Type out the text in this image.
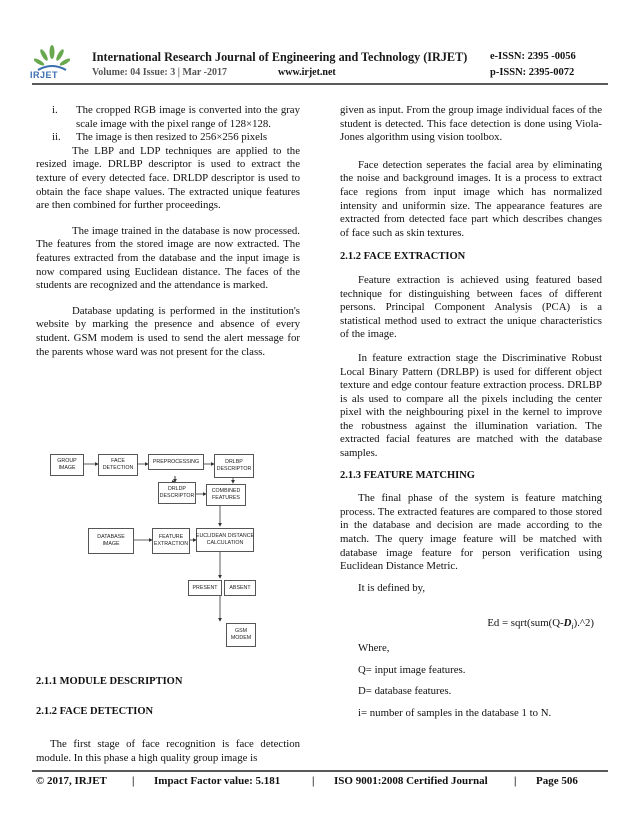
IRJET
International Research Journal of Engineering and Technology (IRJET) e-ISSN: 2395 -0056
Volume: 04 Issue: 3 | Mar -2017	www.irjet.net	p-ISSN: 2395-0072

i. The cropped RGB image is converted into the gray scale image with the pixel range of 128×128.

ii. The image is then resized to 256×256 pixels

The LBP and LDP techniques are applied to the resized image. DRLBP descriptor is used to extract the texture of every detected face. DRLDP descriptor is used to obtain the face shape values. The extracted unique features are then combined for further proceedings.

The image trained in the database is now processed. The features from the stored image are now extracted. The features extracted from the database and the input image is now compared using Euclidean distance. The faces of the students are recognized and the attendance is marked.

Database updating is performed in the institution's website by marking the presence and absence of every student. GSM modem is used to send the alert message for the parents whose ward was not present for the class.

GROUP
IMAGE
FACE
DETECTION
PREPROCESSING	DRLBP
DESCRIPTOR
DRLDP
DESCRIPTOR
COMBINED
FEATURES
DATABASE
IMAGE
FEATURE
EXTRACTION
EUCLIDEAN DISTANCE
CALCULATION
PRESENT	ABSENT
GSM
MODEM
2.1.1 MODULE DESCRIPTION
2.1.2 FACE DETECTION
The first stage of face recognition is face detection module. In this phase a high quality group image is

given as input. From the group image individual faces of the student is detected. This face detection is done using Viola-Jones algorithm using vision toolbox.

Face detection seperates the facial area by eliminating the noise and background images. It is a process to extract face regions from input image which has normalized intensity and uniformin size. The appearance features are extracted from detected face part which describes changes of face such as skin textures.

2.1.2 FACE EXTRACTION

Feature extraction is achieved using featured based technique for distinguishing between faces of different persons. Principal Component Analysis (PCA) is a statistical method used to extract the unique characteristics of the image.

In feature extraction stage the Discriminative Robust Local Binary Pattern (DRLBP) is used for different object texture and edge contour feature extraction process. DRLBP is als used to compare all the pixels including the center pixel with the neighbouring pixel in the kernel to improve the robustness against the illumination variation. The extracted facial features are matched with the database samples.

2.1.3 FEATURE MATCHING

The final phase of the system is feature matching process. The extracted features are compared to those stored in the database and decision are made according to the match. The query image feature will be matched with database image feature for person verification using Euclidean Distance Metric.

It is defined by,

$Ed = sqrt(sum(Q-D_i).\^{}2)$

Where,

Q= input image features.

D= database features.

i= number of samples in the database 1 to N.

© 2017, IRJET | Impact Factor value: 5.181	| ISO 9001:2008 Certified Journal | Page 506
